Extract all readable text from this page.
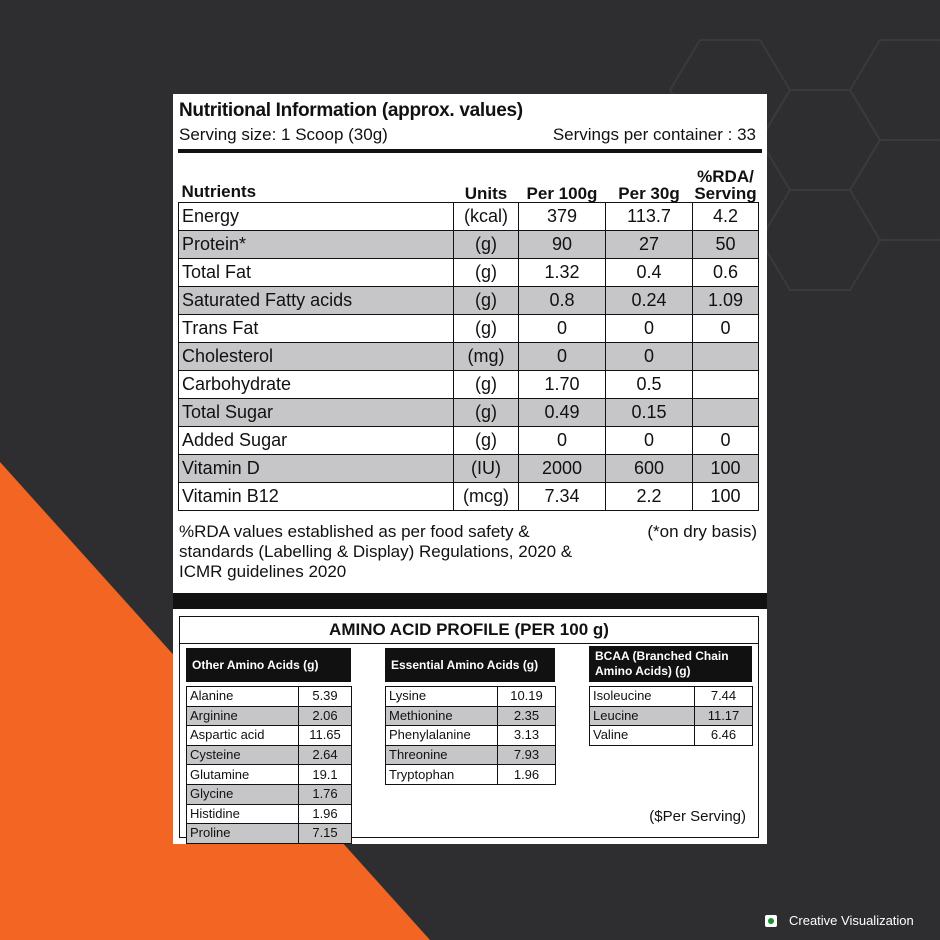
Nutritional Information (approx. values)
Serving size: 1 Scoop (30g)	Servings per container : 33
Nutrients	Units	Per 100g	Per 30g	%RDA/ Serving
Energy	(kcal)	379	113.7	4.2
Protein*	(g)	90	27	50
Total Fat	(g)	1.32	0.4	0.6
Saturated Fatty acids	(g)	0.8	0.24	1.09
Trans Fat	(g)	0	0	0
Cholesterol	(mg)	0	0	
Carbohydrate	(g)	1.70	0.5	
Total Sugar	(g)	0.49	0.15	
Added Sugar	(g)	0	0	0
Vitamin D	(IU)	2000	600	100
Vitamin B12	(mcg)	7.34	2.2	100
%RDA values established as per food safety & standards (Labelling & Display) Regulations, 2020 & ICMR guidelines 2020
(*on dry basis)
AMINO ACID PROFILE (PER 100 g)
Other Amino Acids (g)
Alanine	5.39
Arginine	2.06
Aspartic acid	11.65
Cysteine	2.64
Glutamine	19.1
Glycine	1.76
Histidine	1.96
Proline	7.15
Essential Amino Acids (g)
Lysine	10.19
Methionine	2.35
Phenylalanine	3.13
Threonine	7.93
Tryptophan	1.96
BCAA (Branched Chain Amino Acids) (g)
Isoleucine	7.44
Leucine	11.17
Valine	6.46
($Per Serving)
Creative Visualization
